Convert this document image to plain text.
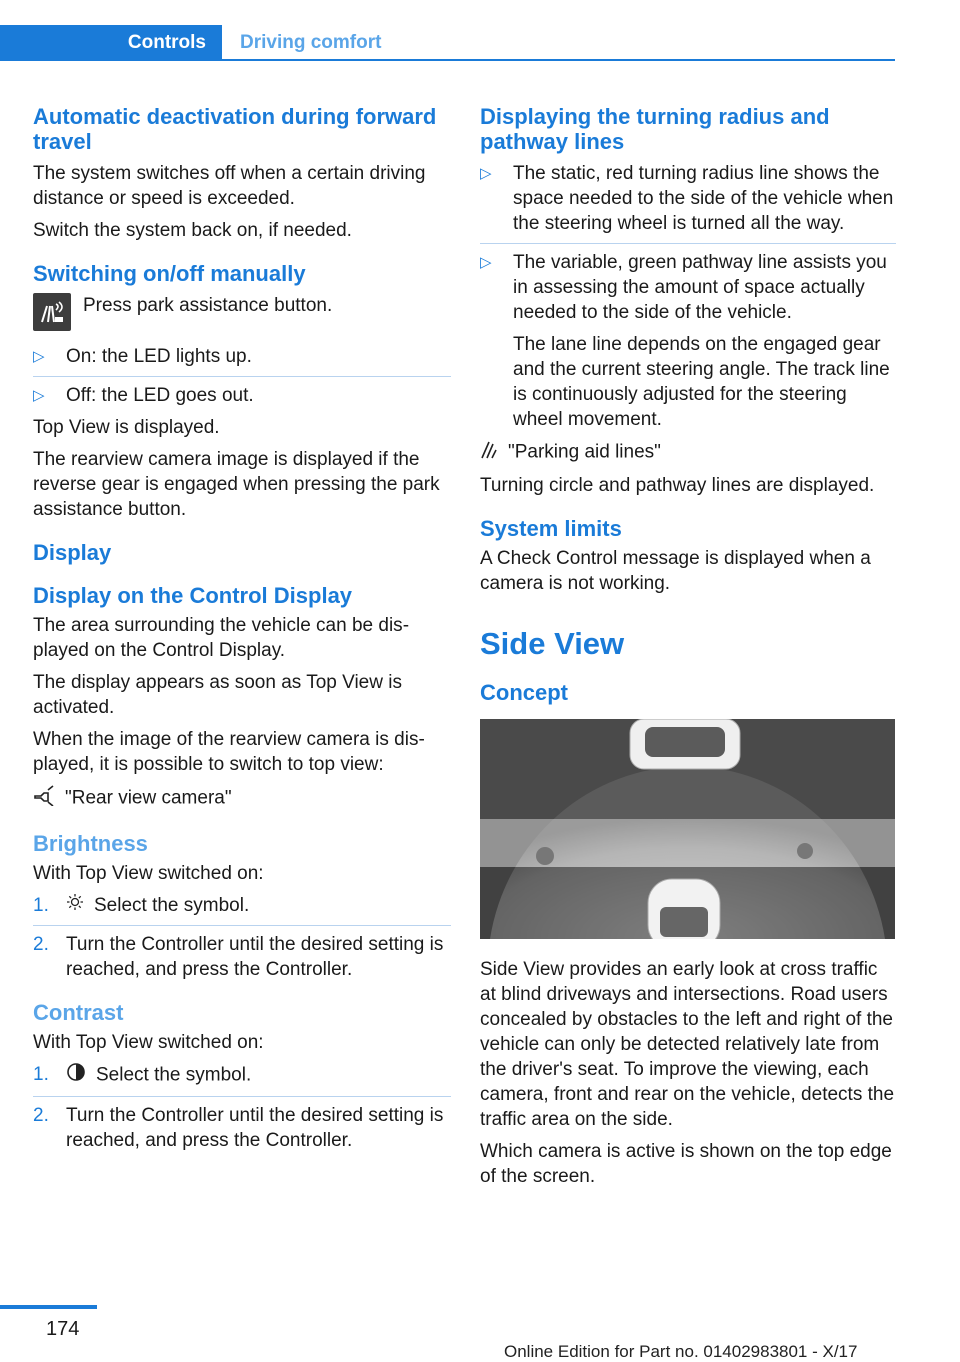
Controls	Driving comfort
Automatic deactivation during forward travel

The system switches off when a certain driving distance or speed is exceeded.

Switch the system back on, if needed.

Switching on/off manually

Press park assistance button.

▷ On: the LED lights up.
▷ Off: the LED goes out.

Top View is displayed.

The rearview camera image is displayed if the reverse gear is engaged when pressing the park assistance button.

Display
Display on the Control Display

The area surrounding the vehicle can be displayed on the Control Display.

The display appears as soon as Top View is activated.

When the image of the rearview camera is displayed, it is possible to switch to top view:

"Rear view camera"

Brightness

With Top View switched on:

1. Select the symbol.
2. Turn the Controller until the desired setting is reached, and press the Controller.
Contrast

With Top View switched on:

1. Select the symbol.
2. Turn the Controller until the desired setting is reached, and press the Controller.
Displaying the turning radius and pathway lines
▷ The static, red turning radius line shows the space needed to the side of the vehicle when the steering wheel is turned all the way.
▷ The variable, green pathway line assists you in assessing the amount of space actually needed to the side of the vehicle.

The lane line depends on the engaged gear and the current steering angle. The track line is continuously adjusted for the steering wheel movement.

"Parking aid lines"

Turning circle and pathway lines are displayed.

System limits

A Check Control message is displayed when a camera is not working.

Side View
Concept

Side View provides an early look at cross traffic at blind driveways and intersections. Road users concealed by obstacles to the left and right of the vehicle can only be detected relatively late from the driver's seat. To improve the viewing, each camera, front and rear on the vehicle, detects the traffic area on the side.

Which camera is active is shown on the top edge of the screen.

174
Online Edition for Part no. 01402983801 - X/17
